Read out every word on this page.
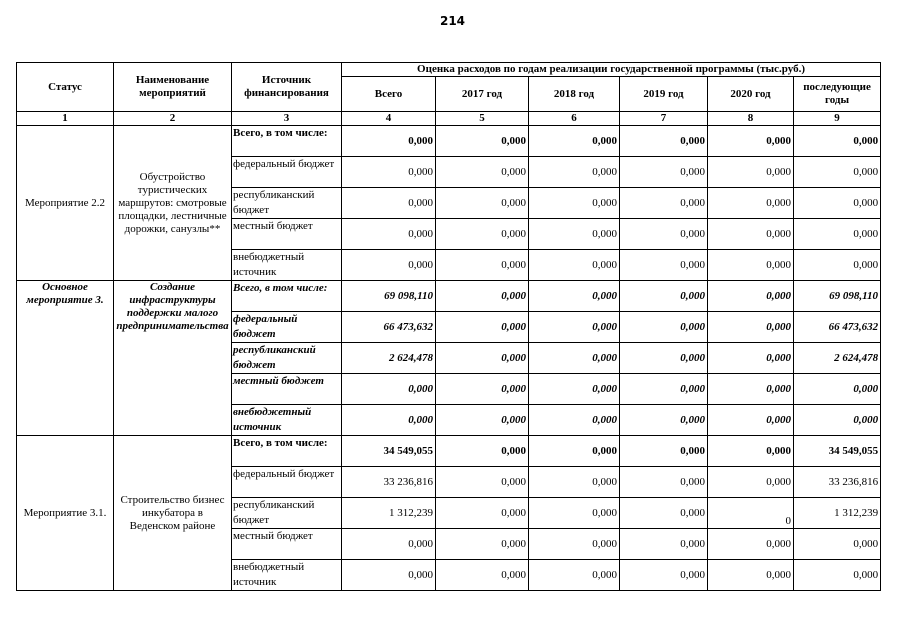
214
Статус	Наименование мероприятий	Источник финансирования	Оценка расходов по годам реализации государственной программы (тыс.руб.)					
			Всего	2017 год	2018 год	2019 год	2020 год	последующие годы
1	2	3	4	5	6	7	8	9
Мероприятие 2.2	Обустройство туристических маршрутов: смотровые площадки, лестничные дорожки, санузлы**	Всего, в том числе:	0,000	0,000	0,000	0,000	0,000	0,000
		федеральный бюджет	0,000	0,000	0,000	0,000	0,000	0,000
		республиканский бюджет	0,000	0,000	0,000	0,000	0,000	0,000
		местный бюджет	0,000	0,000	0,000	0,000	0,000	0,000
		внебюджетный источник	0,000	0,000	0,000	0,000	0,000	0,000
Основное мероприятие 3.	Создание инфраструктуры поддержки малого предпринимательства	Всего, в том числе:	69 098,110	0,000	0,000	0,000	0,000	69 098,110
		федеральный бюджет	66 473,632	0,000	0,000	0,000	0,000	66 473,632
		республиканский бюджет	2 624,478	0,000	0,000	0,000	0,000	2 624,478
		местный бюджет	0,000	0,000	0,000	0,000	0,000	0,000
		внебюджетный источник	0,000	0,000	0,000	0,000	0,000	0,000
Мероприятие 3.1.	Строительство бизнес инкубатора в Веденском районе	Всего, в том числе:	34 549,055	0,000	0,000	0,000	0,000	34 549,055
		федеральный бюджет	33 236,816	0,000	0,000	0,000	0,000	33 236,816
		республиканский бюджет	1 312,239	0,000	0,000	0,000	0	1 312,239
		местный бюджет	0,000	0,000	0,000	0,000	0,000	0,000
		внебюджетный источник	0,000	0,000	0,000	0,000	0,000	0,000
